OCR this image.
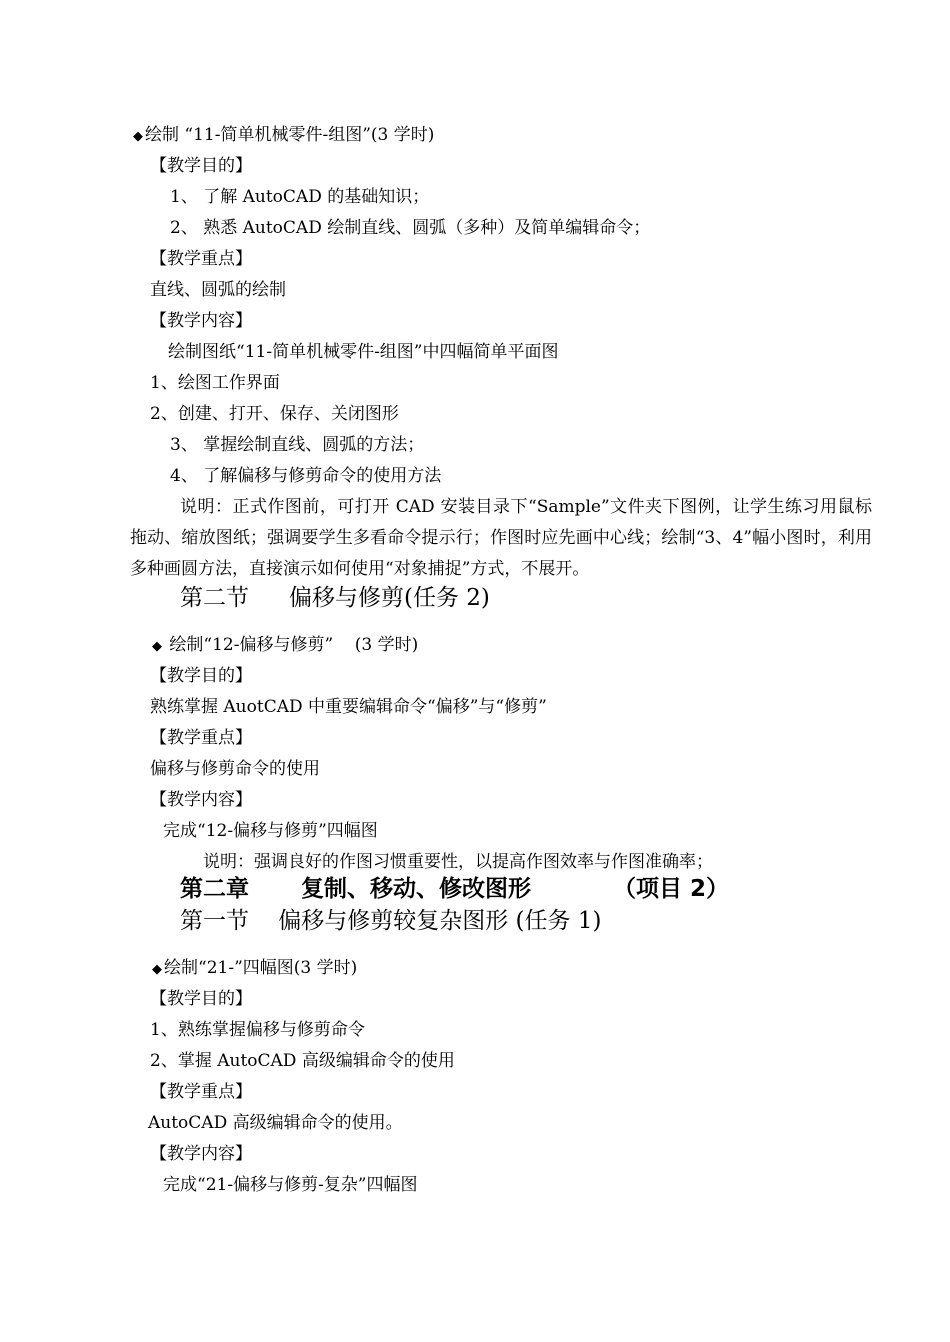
◆ 绘制 “11-简单机械零件-组图”(3 学时)
【教学目的】
1、 了解 AutoCAD 的基础知识；
2、 熟悉 AutoCAD 绘制直线、圆弧（多种）及简单编辑命令；
【教学重点】
直线、圆弧的绘制
【教学内容】
绘制图纸“11-简单机械零件-组图”中四幅简单平面图
1、绘图工作界面
2、创建、打开、保存、关闭图形
3、 掌握绘制直线、圆弧的方法；
4、 了解偏移与修剪命令的使用方法
说明：正式作图前，可打开 CAD 安装目录下“Sample”文件夹下图例，让学生练习用鼠标拖动、缩放图纸；强调要学生多看命令提示行；作图时应先画中心线；绘制“3、4”幅小图时，利用多种画圆方法，直接演示如何使用“对象捕捉”方式，不展开。
第二节 偏移与修剪(任务 2)
◆ 绘制“12-偏移与修剪” (3 学时)
【教学目的】
熟练掌握 AuotCAD 中重要编辑命令“偏移”与“修剪”
【教学重点】
偏移与修剪命令的使用
【教学内容】
完成“12-偏移与修剪”四幅图
说明：强调良好的作图习惯重要性，以提高作图效率与作图准确率；
第二章 复制、移动、修改图形	（项目 2）
第一节 偏移与修剪较复杂图形 (任务 1)
◆ 绘制“21-”四幅图(3 学时)
【教学目的】
1、熟练掌握偏移与修剪命令
2、掌握 AutoCAD 高级编辑命令的使用
【教学重点】
AutoCAD 高级编辑命令的使用。
【教学内容】
完成“21-偏移与修剪-复杂”四幅图
